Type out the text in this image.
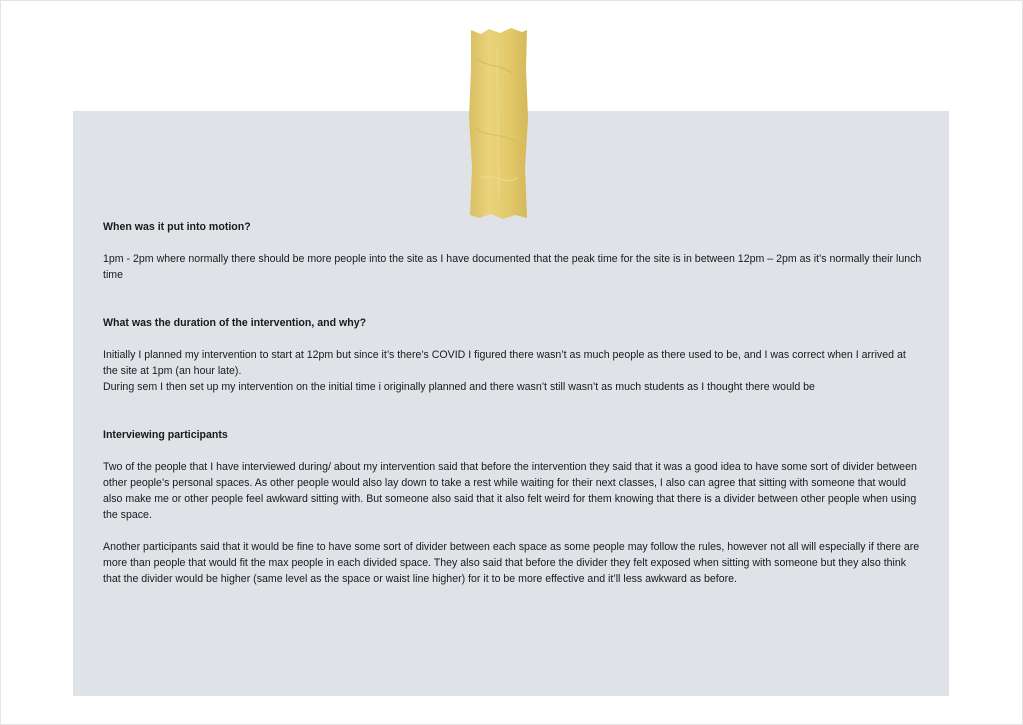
When was it put into motion?

1pm - 2pm where normally there should be more people into the site as I have documented that the peak time for the site is in between 12pm – 2pm as it’s normally their lunch time

What was the duration of the intervention, and why?

Initially I planned my intervention to start at 12pm but since it’s there’s COVID I figured there wasn’t as much people as there used to be, and I was correct when I arrived at the site at 1pm (an hour late).

During sem I then set up my intervention on the initial time i originally planned and there wasn’t still wasn’t as much students as I thought there would be

Interviewing participants

Two of the people that I have interviewed during/ about my intervention said that before the intervention they said that it was a good idea to have some sort of divider between other people’s personal spaces. As other people would also lay down to take a rest while waiting for their next classes, I also can agree that sitting with someone that would also make me or other people feel awkward sitting with. But someone also said that it also felt weird for them knowing that there is a divider between other people when using the space.

Another participants said that it would be fine to have some sort of divider between each space as some people may follow the rules, however not all will especially if there are more than people that would fit the max people in each divided space. They also said that before the divider they felt exposed when sitting with someone but they also think that the divider would be higher (same level as the space or waist line higher) for it to be more effective and it’ll less awkward as before.
